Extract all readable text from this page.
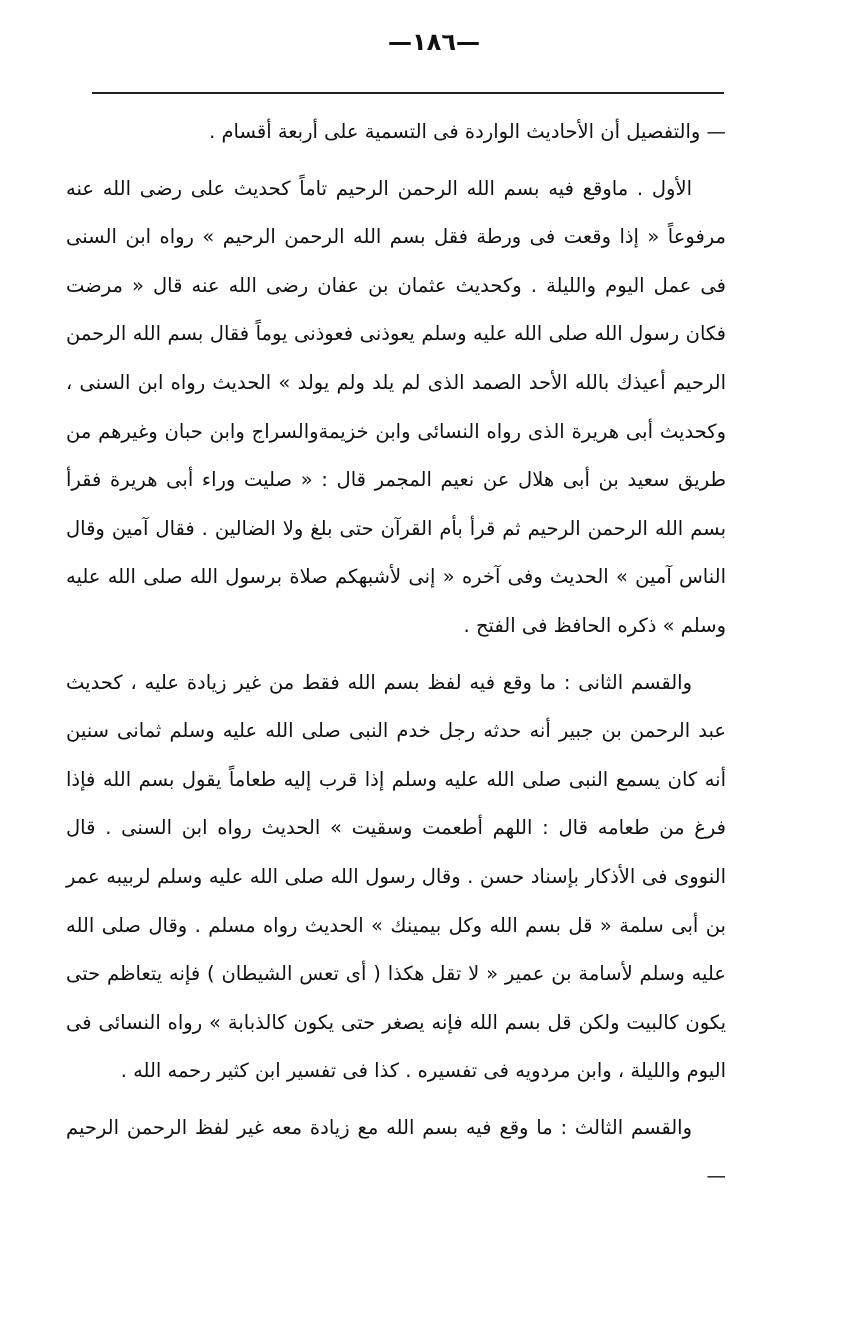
—١٨٦—

— والتفصيل أن الأحاديث الواردة فى التسمية على أربعة أقسام .

الأول . ماوقع فيه بسم الله الرحمن الرحيم تاماً كحديث على رضى الله عنه مرفوعاً « إذا وقعت فى ورطة فقل بسم الله الرحمن الرحيم » رواه ابن السنى فى عمل اليوم والليلة . وكحديث عثمان بن عفان رضى الله عنه قال « مرضت فكان رسول الله صلى الله عليه وسلم يعوذنى فعوذنى يوماً فقال بسم الله الرحمن الرحيم أعيذك بالله الأحد الصمد الذى لم يلد ولم يولد » الحديث رواه ابن السنى ، وكحديث أبى هريرة الذى رواه النسائى وابن خزيمةوالسراج وابن حبان وغيرهم من طريق سعيد بن أبى هلال عن نعيم المجمر قال : « صليت وراء أبى هريرة فقرأ بسم الله الرحمن الرحيم ثم قرأ بأم القرآن حتى بلغ ولا الضالين . فقال آمين وقال الناس آمين » الحديث وفى آخره « إنى لأشبهكم صلاة برسول الله صلى الله عليه وسلم » ذكره الحافظ فى الفتح .

والقسم الثانى : ما وقع فيه لفظ بسم الله فقط من غير زيادة عليه ، كحديث عبد الرحمن بن جبير أنه حدثه رجل خدم النبى صلى الله عليه وسلم ثمانى سنين أنه كان يسمع النبى صلى الله عليه وسلم إذا قرب إليه طعاماً يقول بسم الله فإذا فرغ من طعامه قال : اللهم أطعمت وسقيت » الحديث رواه ابن السنى . قال النووى فى الأذكار بإسناد حسن . وقال رسول الله صلى الله عليه وسلم لربيبه عمر بن أبى سلمة « قل بسم الله وكل بيمينك » الحديث رواه مسلم . وقال صلى الله عليه وسلم لأسامة بن عمير « لا تقل هكذا ( أى تعس الشيطان ) فإنه يتعاظم حتى يكون كالبيت ولكن قل بسم الله فإنه يصغر حتى يكون كالذبابة » رواه النسائى فى اليوم والليلة ، وابن مردويه فى تفسيره . كذا فى تفسير ابن كثير رحمه الله .

والقسم الثالث : ما وقع فيه بسم الله مع زيادة معه غير لفظ الرحمن الرحيم —
